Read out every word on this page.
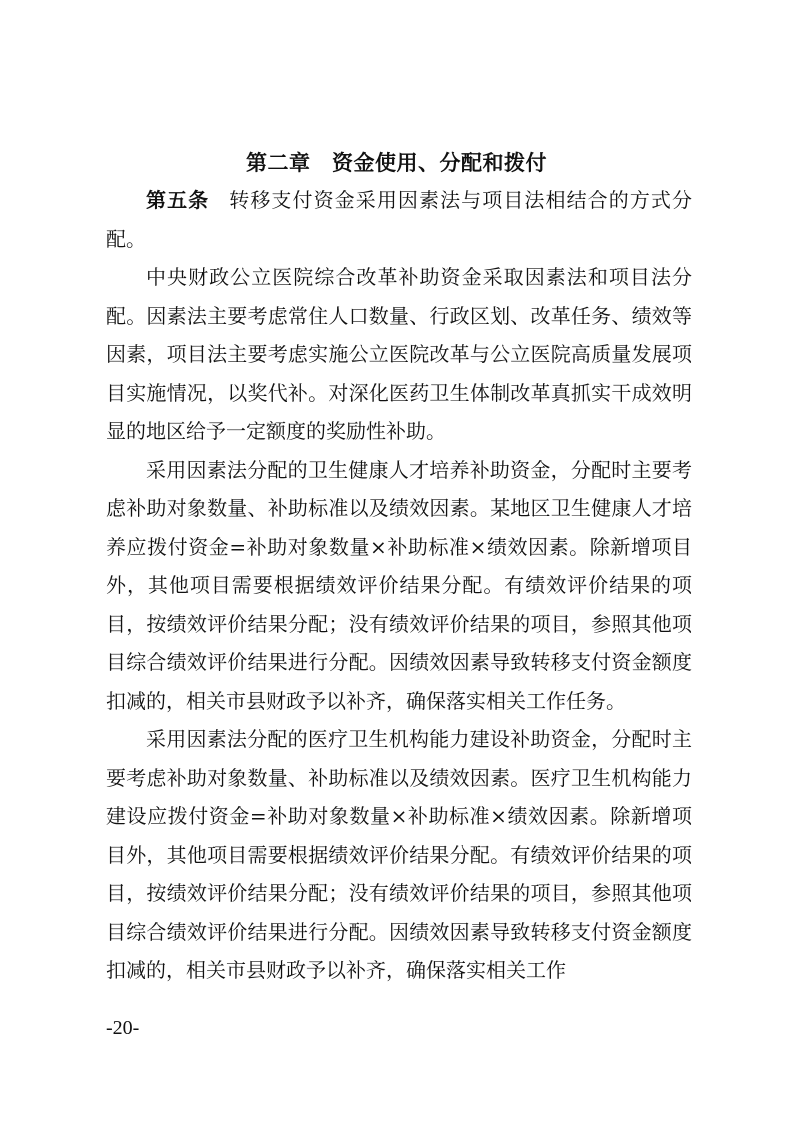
第二章　资金使用、分配和拨付

第五条 转移支付资金采用因素法与项目法相结合的方式分配。

中央财政公立医院综合改革补助资金采取因素法和项目法分配。因素法主要考虑常住人口数量、行政区划、改革任务、绩效等因素，项目法主要考虑实施公立医院改革与公立医院高质量发展项目实施情况，以奖代补。对深化医药卫生体制改革真抓实干成效明显的地区给予一定额度的奖励性补助。

采用因素法分配的卫生健康人才培养补助资金，分配时主要考虑补助对象数量、补助标准以及绩效因素。某地区卫生健康人才培养应拨付资金=补助对象数量×补助标准×绩效因素。除新增项目外，其他项目需要根据绩效评价结果分配。有绩效评价结果的项目，按绩效评价结果分配；没有绩效评价结果的项目，参照其他项目综合绩效评价结果进行分配。因绩效因素导致转移支付资金额度扣减的，相关市县财政予以补齐，确保落实相关工作任务。

采用因素法分配的医疗卫生机构能力建设补助资金，分配时主要考虑补助对象数量、补助标准以及绩效因素。医疗卫生机构能力建设应拨付资金=补助对象数量×补助标准×绩效因素。除新增项目外，其他项目需要根据绩效评价结果分配。有绩效评价结果的项目，按绩效评价结果分配；没有绩效评价结果的项目，参照其他项目综合绩效评价结果进行分配。因绩效因素导致转移支付资金额度扣减的，相关市县财政予以补齐，确保落实相关工作

-20-
